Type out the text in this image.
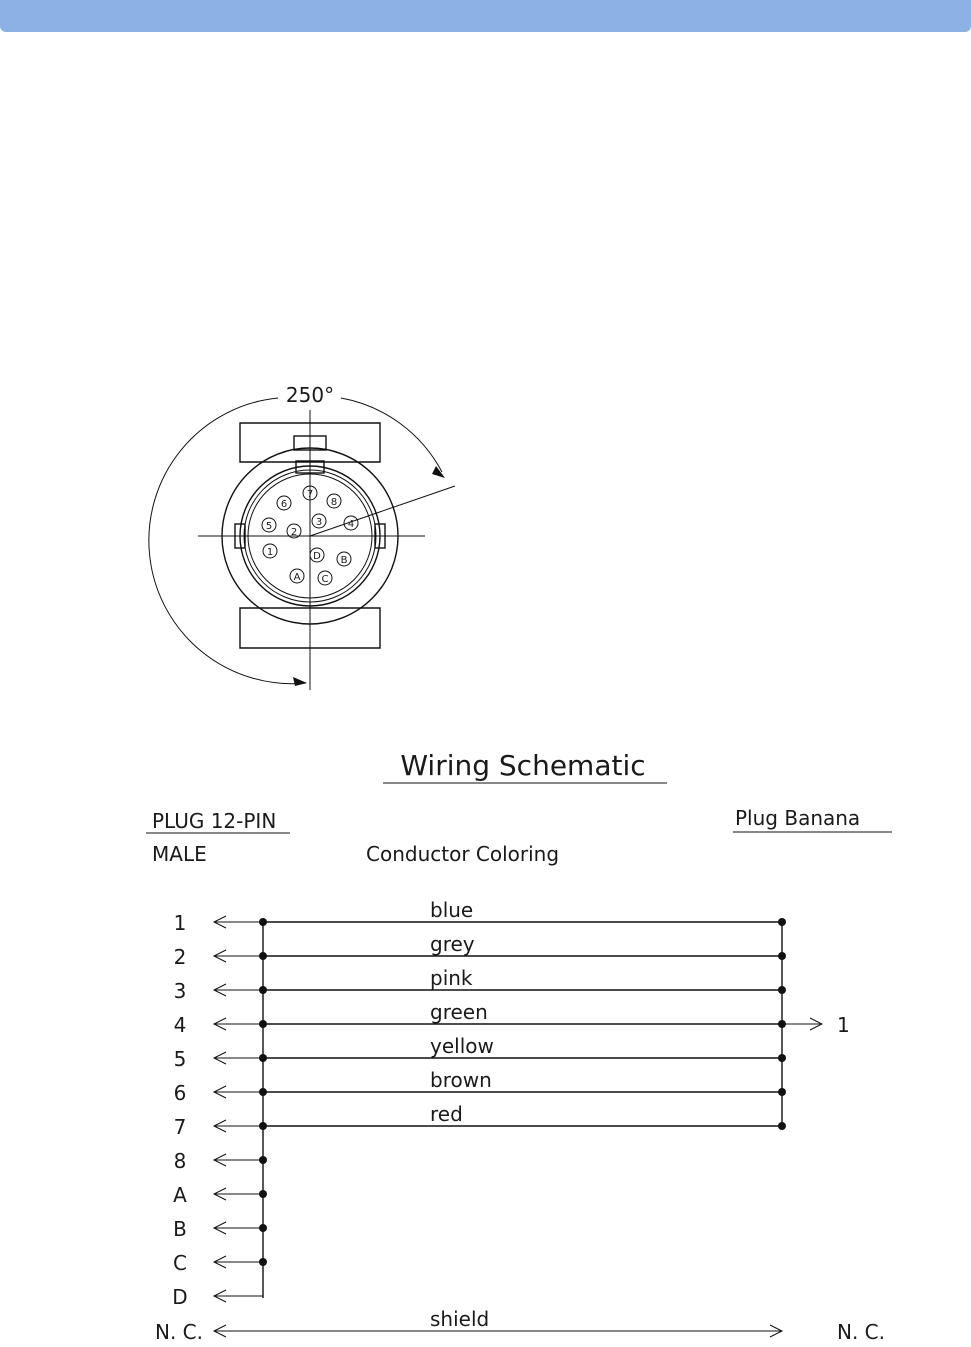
250°
7
8
6
5
2
3	4
1	D B
A C
Wiring Schematic
PLUG 12-PIN
MALE	Conductor Coloring
Plug Banana
1
2
3
4
5
6
7
8
A
B
C
D
blue
grey
pink
green
yellow
brown
red
1
shield
N. C.	N. C.
